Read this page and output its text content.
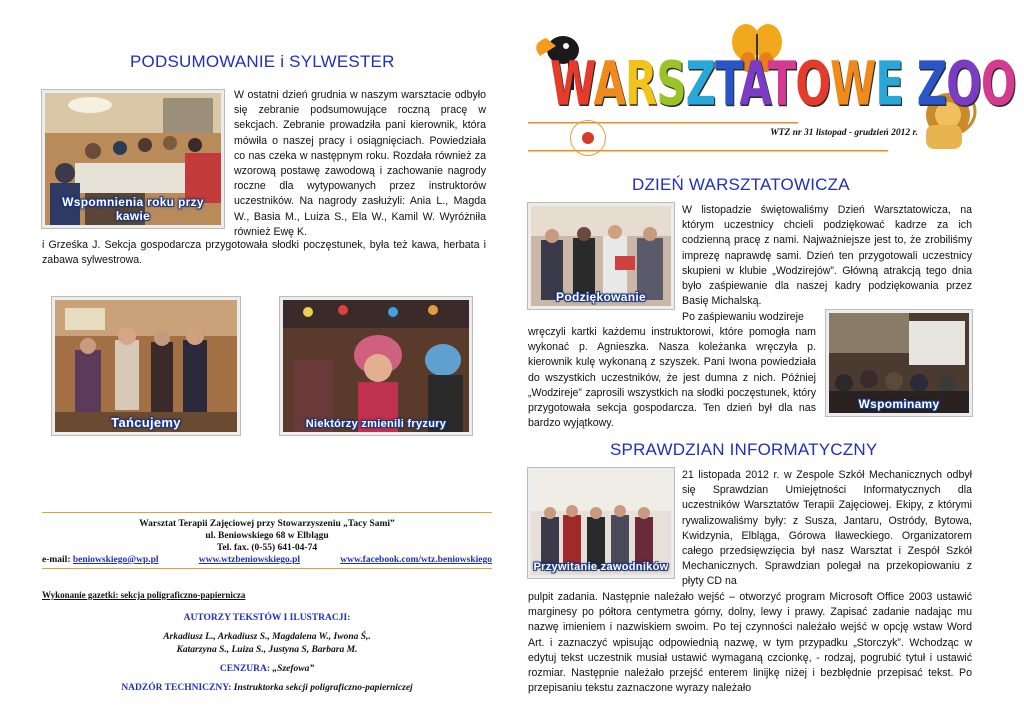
PODSUMOWANIE i SYLWESTER
Wspomnienia roku przy kawie
W ostatni dzień grudnia w naszym warsztacie odbyło się zebranie podsumowujące roczną pracę w sekcjach. Zebranie prowadziła pani kierownik, która mówiła o naszej pracy i osiągnięciach. Powiedziała co nas czeka w następnym roku. Rozdała również za wzorową postawę zawodową i zachowanie nagrody roczne dla wytypowanych przez instruktorów uczestników. Na nagrody zasłużyli: Ania L., Magda W., Basia M., Luiza S., Ela W., Kamil W. Wyróżniła również Ewę K.
i Grześka J. Sekcja gospodarcza przygotowała słodki poczęstunek, była też kawa, herbata i zabawa sylwestrowa.
Tańcujemy	Niektórzy zmienili fryzury
Warsztat Terapii Zajęciowej przy Stowarzyszeniu „Tacy Sami”
ul. Beniowskiego 68 w Elblągu
Tel. fax. (0-55) 641-04-74
e-mail: beniowskiego@wp.pl	www.wtzbeniowskiego.pl	www.facebook.com/wtz.beniowskiego
Wykonanie gazetki: sekcja poligraficzno-papiernicza
AUTORZY TEKSTÓW I ILUSTRACJI:
Arkadiusz L., Arkadiusz S., Magdalena W., Iwona Ś,.
Katarzyna S., Luiza S., Justyna S, Barbara M.
CENZURA: „Szefowa”
NADZÓR TECHNICZNY: Instruktorka sekcji poligraficzno-papierniczej
WARSZTATOWE ZOO
WTZ nr 31 listopad - grudzień 2012 r.
DZIEŃ WARSZTATOWICZA
Podziękowanie
W listopadzie świętowaliśmy Dzień Warsztatowicza, na którym uczestnicy chcieli podziękować kadrze za ich codzienną pracę z nami. Najważniejsze jest to, że zrobiliśmy imprezę naprawdę sami. Dzień ten przygotowali uczestnicy skupieni w klubie „Wodzirejów”. Główną atrakcją tego dnia było zaśpiewanie dla naszej kadry podziękowania przez Basię Michalską.
Po zaśpiewaniu wodzireje
wręczyli kartki każdemu instruktorowi, które pomogła nam wykonać p. Agnieszka. Nasza koleżanka wręczyła p. kierownik kulę wykonaną z szyszek. Pani Iwona powiedziała do wszystkich uczestników, że jest dumna z nich. Później „Wodzireje” zaprosili wszystkich na słodki poczęstunek, który przygotowała sekcja gospodarcza. Ten dzień był dla nas bardzo wyjątkowy.
Wspominamy
SPRAWDZIAN INFORMATYCZNY
Przywitanie zawodników
21 listopada 2012 r. w Zespole Szkół Mechanicznych odbył się Sprawdzian Umiejętności Informatycznych dla uczestników Warsztatów Terapii Zajęciowej. Ekipy, z którymi rywalizowaliśmy były: z Susza, Jantaru, Ostródy, Bytowa, Kwidzynia, Elbląga, Górowa Iławeckiego. Organizatorem całego przedsięwzięcia był nasz Warsztat i Zespół Szkół Mechanicznych. Sprawdzian polegał na przekopiowaniu z płyty CD na
pulpit zadania. Następnie należało wejść – otworzyć program Microsoft Office 2003 ustawić marginesy po półtora centymetra górny, dolny, lewy i prawy. Zapisać zadanie nadając mu nazwę imieniem i nazwiskiem swoim. Po tej czynności należało wejść w opcję wstaw Word Art. i zaznaczyć wpisując odpowiednią nazwę, w tym przypadku „Storczyk”. Wchodząc w edytuj tekst uczestnik musiał ustawić wymaganą czcionkę, - rodzaj, pogrubić tytuł i ustawić rozmiar. Następnie należało przejść enterem linijkę niżej i bezbłędnie przepisać tekst. Po przepisaniu tekstu zaznaczone wyrazy należało
